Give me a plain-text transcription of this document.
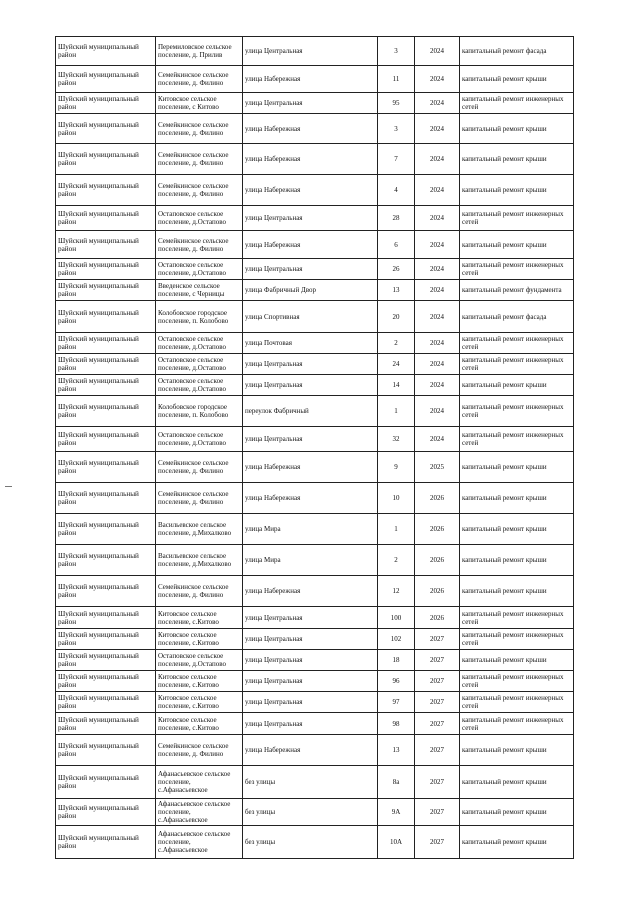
Шуйский муниципальный район	Перемиловское сельское поселение, д. Прилив	улица Центральная	3	2024	капитальный ремонт фасада
Шуйский муниципальный район	Семейкинское сельское поселение, д. Филино	улица Набережная	11	2024	капитальный ремонт крыши
Шуйский муниципальный район	Китовское сельское поселение, с Китово	улица Центральная	95	2024	капитальный ремонт инженерных сетей
Шуйский муниципальный район	Семейкинское сельское поселение, д. Филино	улица Набережная	3	2024	капитальный ремонт крыши
Шуйский муниципальный район	Семейкинское сельское поселение, д. Филино	улица Набережная	7	2024	капитальный ремонт крыши
Шуйский муниципальный район	Семейкинское сельское поселение, д. Филино	улица Набережная	4	2024	капитальный ремонт крыши
Шуйский муниципальный район	Остаповское сельское поселение, д.Остапово	улица Центральная	28	2024	капитальный ремонт инженерных сетей
Шуйский муниципальный район	Семейкинское сельское поселение, д. Филино	улица Набережная	6	2024	капитальный ремонт крыши
Шуйский муниципальный район	Остаповское сельское поселение, д.Остапово	улица Центральная	26	2024	капитальный ремонт инженерных сетей
Шуйский муниципальный район	Введенское сельское поселение, с Черницы	улица Фабричный Двор	13	2024	капитальный ремонт фундамента
Шуйский муниципальный район	Колобовское городское поселение, п. Колобово	улица Спортивная	20	2024	капитальный ремонт фасада
Шуйский муниципальный район	Остаповское сельское поселение, д.Остапово	улица Почтовая	2	2024	капитальный ремонт инженерных сетей
Шуйский муниципальный район	Остаповское сельское поселение, д.Остапово	улица Центральная	24	2024	капитальный ремонт инженерных сетей
Шуйский муниципальный район	Остаповское сельское поселение, д.Остапово	улица Центральная	14	2024	капитальный ремонт крыши
Шуйский муниципальный район	Колобовское городское поселение, п. Колобово	переулок Фабричный	1	2024	капитальный ремонт инженерных сетей
Шуйский муниципальный район	Остаповское сельское поселение, д.Остапово	улица Центральная	32	2024	капитальный ремонт инженерных сетей
Шуйский муниципальный район	Семейкинское сельское поселение, д. Филино	улица Набережная	9	2025	капитальный ремонт крыши
Шуйский муниципальный район	Семейкинское сельское поселение, д. Филино	улица Набережная	10	2026	капитальный ремонт крыши
Шуйский муниципальный район	Васильевское сельское поселение, д.Михалково	улица Мира	1	2026	капитальный ремонт крыши
Шуйский муниципальный район	Васильевское сельское поселение, д.Михалково	улица Мира	2	2026	капитальный ремонт крыши
Шуйский муниципальный район	Семейкинское сельское поселение, д. Филино	улица Набережная	12	2026	капитальный ремонт крыши
Шуйский муниципальный район	Китовское сельское поселение, с.Китово	улица Центральная	100	2026	капитальный ремонт инженерных сетей
Шуйский муниципальный район	Китовское сельское поселение, с.Китово	улица Центральная	102	2027	капитальный ремонт инженерных сетей
Шуйский муниципальный район	Остаповское сельское поселение, д.Остапово	улица Центральная	18	2027	капитальный ремонт крыши
Шуйский муниципальный район	Китовское сельское поселение, с.Китово	улица Центральная	96	2027	капитальный ремонт инженерных сетей
Шуйский муниципальный район	Китовское сельское поселение, с.Китово	улица Центральная	97	2027	капитальный ремонт инженерных сетей
Шуйский муниципальный район	Китовское сельское поселение, с.Китово	улица Центральная	98	2027	капитальный ремонт инженерных сетей
Шуйский муниципальный район	Семейкинское сельское поселение, д. Филино	улица Набережная	13	2027	капитальный ремонт крыши
Шуйский муниципальный район	Афанасьевское сельское поселение, с.Афанасьевское	без улицы	8а	2027	капитальный ремонт крыши
Шуйский муниципальный район	Афанасьевское сельское поселение, с.Афанасьевское	без улицы	9А	2027	капитальный ремонт крыши
Шуйский муниципальный район	Афанасьевское сельское поселение, с.Афанасьевское	без улицы	10А	2027	капитальный ремонт крыши
